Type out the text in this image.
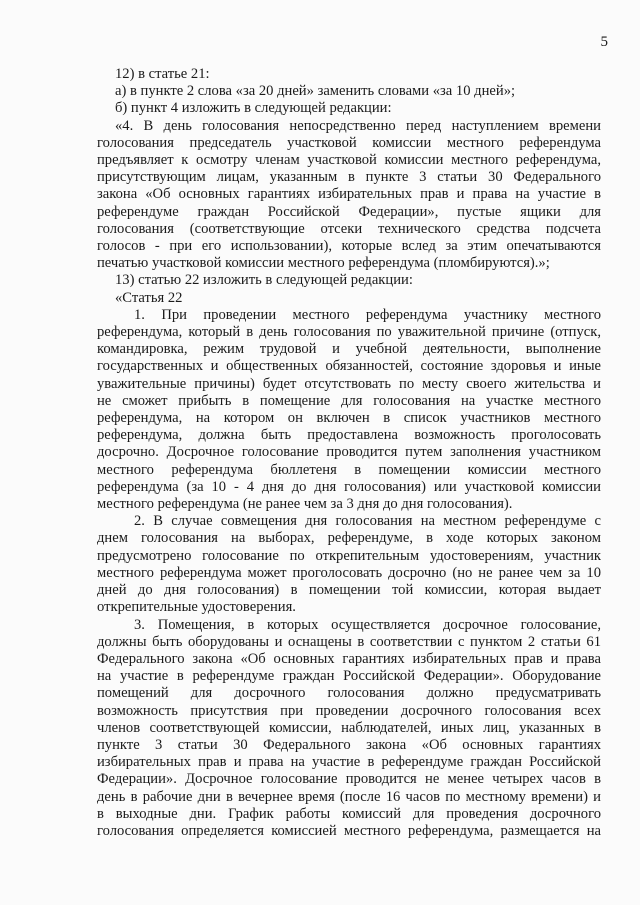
5

12) в статье 21:

а) в пункте 2 слова «за 20 дней» заменить словами «за 10 дней»;

б) пункт 4 изложить в следующей редакции:

«4. В день голосования непосредственно перед наступлением времени

голосования председатель участковой комиссии местного референдума

предъявляет к осмотру членам участковой комиссии местного референдума,

присутствующим лицам, указанным в пункте 3 статьи 30 Федерального

закона «Об основных гарантиях избирательных прав и права на участие в

референдуме граждан Российской Федерации», пустые ящики для

голосования (соответствующие отсеки технического средства подсчета

голосов - при его использовании), которые вслед за этим опечатываются

печатью участковой комиссии местного референдума (пломбируются).»;

13) статью 22 изложить в следующей редакции:

«Статья 22

1. При проведении местного референдума участнику местного

референдума, который в день голосования по уважительной причине (отпуск,

командировка, режим трудовой и учебной деятельности, выполнение

государственных и общественных обязанностей, состояние здоровья и иные

уважительные причины) будет отсутствовать по месту своего жительства и

не сможет прибыть в помещение для голосования на участке местного

референдума, на котором он включен в список участников местного

референдума, должна быть предоставлена возможность проголосовать

досрочно. Досрочное голосование проводится путем заполнения участником

местного референдума бюллетеня в помещении комиссии местного

референдума (за 10 - 4 дня до дня голосования) или участковой комиссии

местного референдума (не ранее чем за 3 дня до дня голосования).

2. В случае совмещения дня голосования на местном референдуме с

днем голосования на выборах, референдуме, в ходе которых законом

предусмотрено голосование по открепительным удостоверениям, участник

местного референдума может проголосовать досрочно (но не ранее чем за 10

дней до дня голосования) в помещении той комиссии, которая выдает

открепительные удостоверения.

3. Помещения, в которых осуществляется досрочное голосование,

должны быть оборудованы и оснащены в соответствии с пунктом 2 статьи 61

Федерального закона «Об основных гарантиях избирательных прав и права

на участие в референдуме граждан Российской Федерации». Оборудование

помещений для досрочного голосования должно предусматривать

возможность присутствия при проведении досрочного голосования всех

членов соответствующей комиссии, наблюдателей, иных лиц, указанных в

пункте 3 статьи 30 Федерального закона «Об основных гарантиях

избирательных прав и права на участие в референдуме граждан Российской

Федерации». Досрочное голосование проводится не менее четырех часов в

день в рабочие дни в вечернее время (после 16 часов по местному времени) и

в выходные дни. График работы комиссий для проведения досрочного

голосования определяется комиссией местного референдума, размещается на
